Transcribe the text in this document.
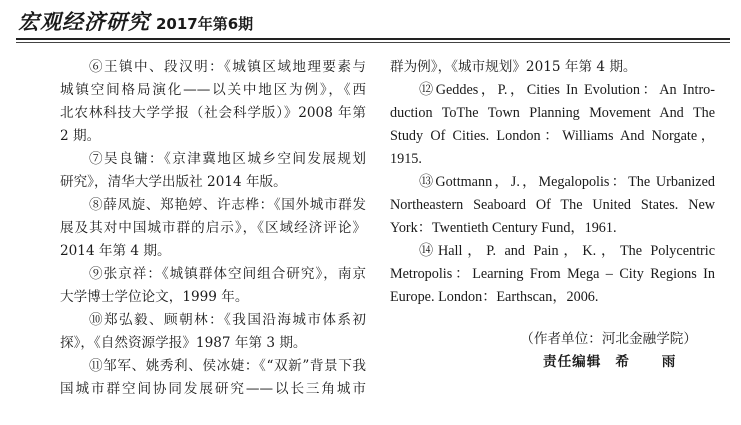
宏观经济研究 2017年第6期
⑥王镇中、段汉明：《城镇区域地理要素与
城镇空间格局演化——以关中地区为例》，《西
北农林科技大学学报（社会科学版）》2008 年第
2 期。
⑦吴良镛：《京津冀地区城乡空间发展规划
研究》，清华大学出版社 2014 年版。
⑧薛凤旋、郑艳婷、许志桦：《国外城市群发
展及其对中国城市群的启示》，《区域经济评论》
2014 年第 4 期。
⑨张京祥：《城镇群体空间组合研究》，南京
大学博士学位论文，1999 年。
⑩郑弘毅、顾朝林：《我国沿海城市体系初
探》，《自然资源学报》1987 年第 3 期。
⑪邹军、姚秀利、侯冰婕：《“双新”背景下我
国城市群空间协同发展研究——以长三角城市
群为例》，《城市规划》2015 年第 4 期。
⑫Geddes，P.，Cities In Evolution：An Intro-
duction ToThe Town Planning Movement And The
Study Of Cities. London：Williams And Norgate，
1915.
⑬Gottmann，J.，Megalopolis：The Urbanized
Northeastern Seaboard Of The United States. New
York：Twentieth Century Fund，1961.
⑭Hall，P. and Pain，K.，The Polycentric
Metropolis：Learning From Mega – City Regions In
Europe. London：Earthscan，2006.
（作者单位：河北金融学院）
责任编辑 希 雨
